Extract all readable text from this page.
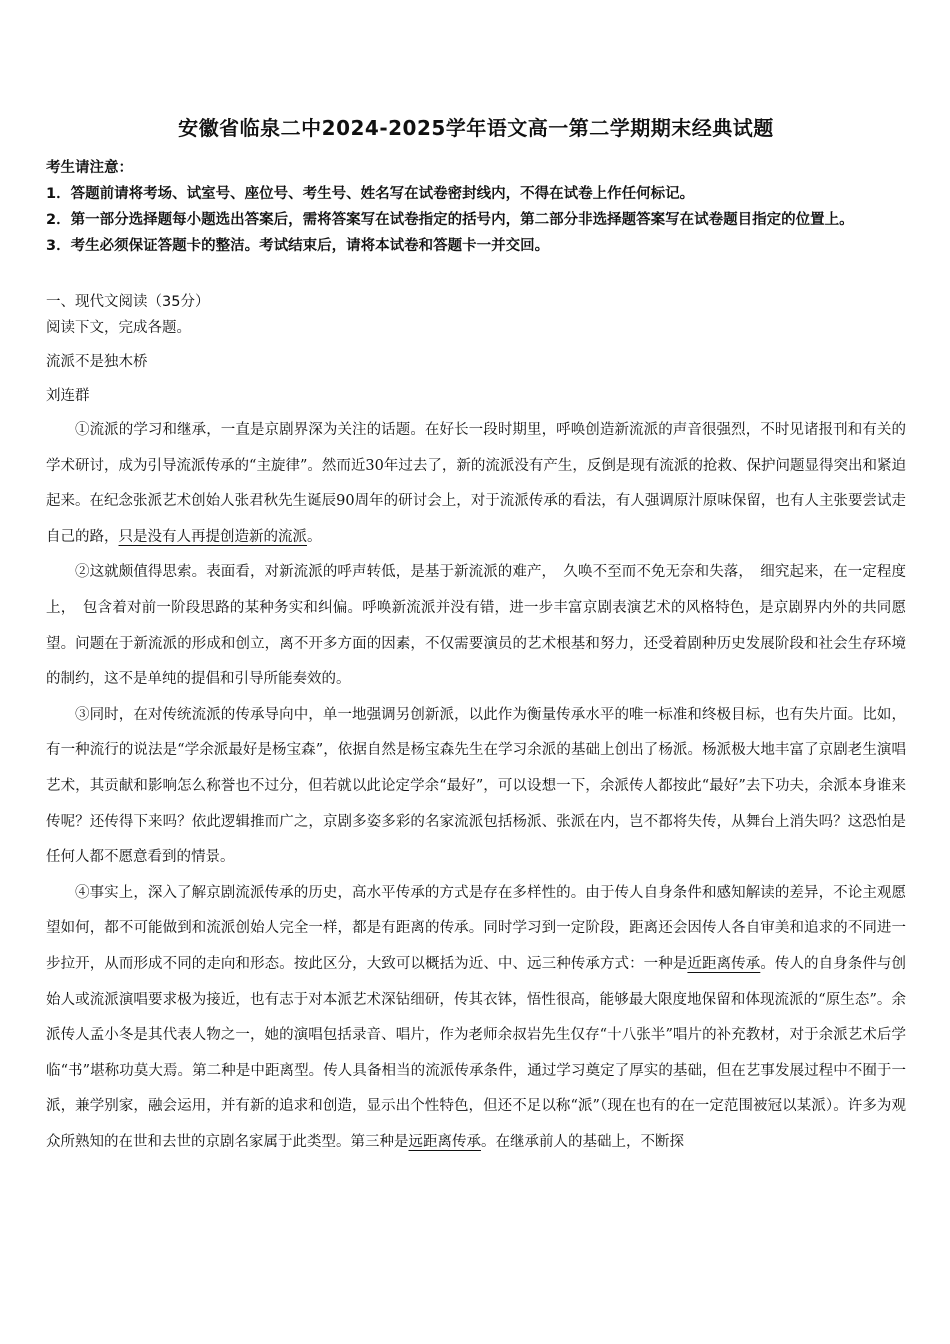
安徽省临泉二中2024-2025学年语文高一第二学期期末经典试题

考生请注意：

1．答题前请将考场、试室号、座位号、考生号、姓名写在试卷密封线内，不得在试卷上作任何标记。

2．第一部分选择题每小题选出答案后，需将答案写在试卷指定的括号内，第二部分非选择题答案写在试卷题目指定的位置上。

3．考生必须保证答题卡的整洁。考试结束后，请将本试卷和答题卡一并交回。

一、现代文阅读（35分）

阅读下文，完成各题。

流派不是独木桥

刘连群

①流派的学习和继承，一直是京剧界深为关注的话题。在好长一段时期里，呼唤创造新流派的声音很强烈，不时见诸报刊和有关的学术研讨，成为引导流派传承的“主旋律”。然而近30年过去了，新的流派没有产生，反倒是现有流派的抢救、保护问题显得突出和紧迫起来。在纪念张派艺术创始人张君秋先生诞辰90周年的研讨会上，对于流派传承的看法，有人强调原汁原味保留，也有人主张要尝试走自己的路，只是没有人再提创造新的流派。

②这就颇值得思索。表面看，对新流派的呼声转低，是基于新流派的难产，　久唤不至而不免无奈和失落，　细究起来，在一定程度上，　包含着对前一阶段思路的某种务实和纠偏。呼唤新流派并没有错，进一步丰富京剧表演艺术的风格特色，是京剧界内外的共同愿望。问题在于新流派的形成和创立，离不开多方面的因素，不仅需要演员的艺术根基和努力，还受着剧种历史发展阶段和社会生存环境的制约，这不是单纯的提倡和引导所能奏效的。

③同时，在对传统流派的传承导向中，单一地强调另创新派，以此作为衡量传承水平的唯一标准和终极目标，也有失片面。比如，有一种流行的说法是“学余派最好是杨宝森”，依据自然是杨宝森先生在学习余派的基础上创出了杨派。杨派极大地丰富了京剧老生演唱艺术，其贡献和影响怎么称誉也不过分，但若就以此论定学余“最好”，可以设想一下，余派传人都按此“最好”去下功夫，余派本身谁来传呢？还传得下来吗？依此逻辑推而广之，京剧多姿多彩的名家流派包括杨派、张派在内，岂不都将失传，从舞台上消失吗？这恐怕是任何人都不愿意看到的情景。

④事实上，深入了解京剧流派传承的历史，高水平传承的方式是存在多样性的。由于传人自身条件和感知解读的差异，不论主观愿望如何，都不可能做到和流派创始人完全一样，都是有距离的传承。同时学习到一定阶段，距离还会因传人各自审美和追求的不同进一步拉开，从而形成不同的走向和形态。按此区分，大致可以概括为近、中、远三种传承方式：一种是近距离传承。传人的自身条件与创始人或流派演唱要求极为接近，也有志于对本派艺术深钻细研，传其衣钵，悟性很高，能够最大限度地保留和体现流派的“原生态”。余派传人孟小冬是其代表人物之一，她的演唱包括录音、唱片，作为老师余叔岩先生仅存“十八张半”唱片的补充教材，对于余派艺术后学临“书”堪称功莫大焉。第二种是中距离型。传人具备相当的流派传承条件，通过学习奠定了厚实的基础，但在艺事发展过程中不囿于一派，兼学别家，融会运用，并有新的追求和创造，显示出个性特色，但还不足以称“派”（现在也有的在一定范围被冠以某派）。许多为观众所熟知的在世和去世的京剧名家属于此类型。第三种是远距离传承。在继承前人的基础上，不断探
